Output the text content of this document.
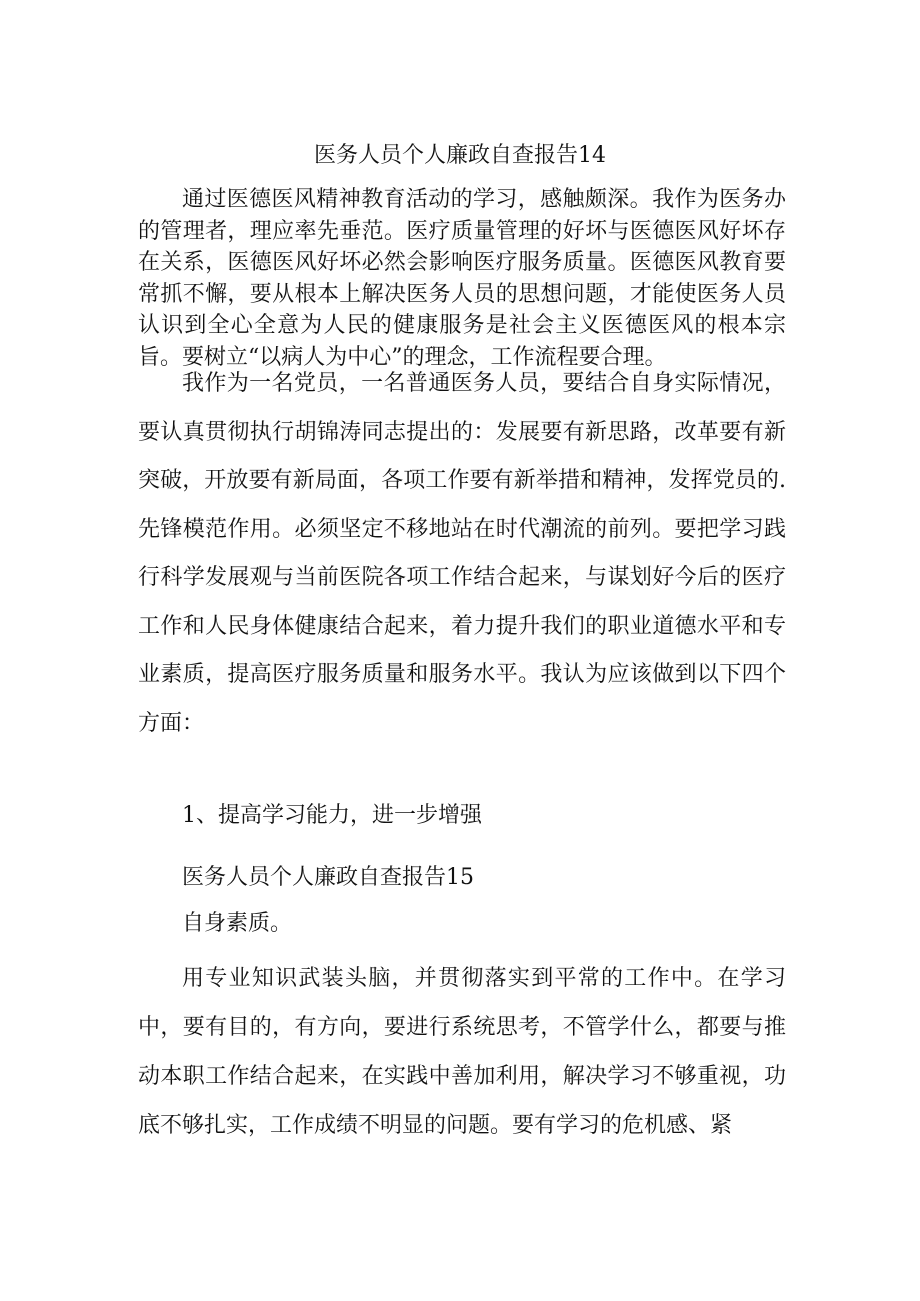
医务人员个人廉政自查报告14

通过医德医风精神教育活动的学习，感触颇深。我作为医务办的管理者，理应率先垂范。医疗质量管理的好坏与医德医风好坏存在关系，医德医风好坏必然会影响医疗服务质量。医德医风教育要常抓不懈，要从根本上解决医务人员的思想问题，才能使医务人员认识到全心全意为人民的健康服务是社会主义医德医风的根本宗旨。要树立“以病人为中心”的理念，工作流程要合理。

我作为一名党员，一名普通医务人员，要结合自身实际情况，要认真贯彻执行胡锦涛同志提出的：发展要有新思路，改革要有新突破，开放要有新局面，各项工作要有新举措和精神，发挥党员的.先锋模范作用。必须坚定不移地站在时代潮流的前列。要把学习践行科学发展观与当前医院各项工作结合起来，与谋划好今后的医疗工作和人民身体健康结合起来，着力提升我们的职业道德水平和专业素质，提高医疗服务质量和服务水平。我认为应该做到以下四个方面：

1、提高学习能力，进一步增强

医务人员个人廉政自查报告15

自身素质。

用专业知识武装头脑，并贯彻落实到平常的工作中。在学习中，要有目的，有方向，要进行系统思考，不管学什么，都要与推动本职工作结合起来，在实践中善加利用，解决学习不够重视，功底不够扎实，工作成绩不明显的问题。要有学习的危机感、紧
